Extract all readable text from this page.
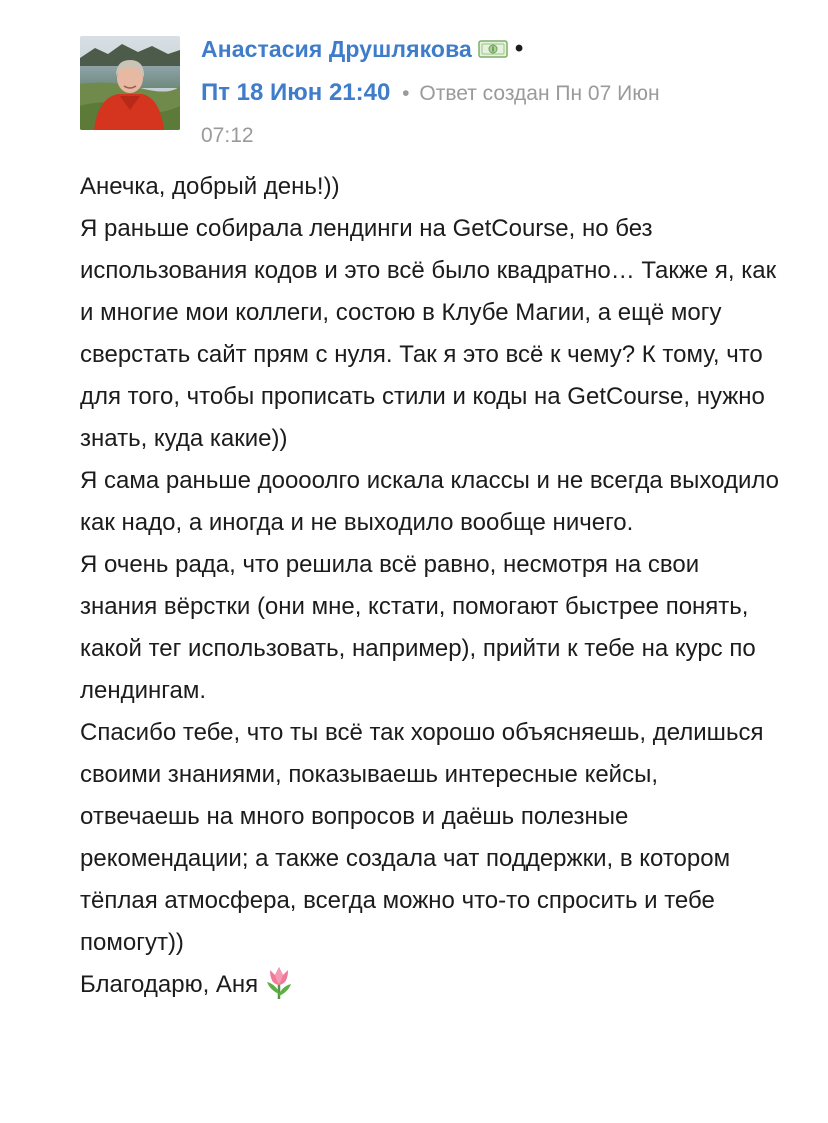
Анастасия Друшлякова •
Пт 18 Июн 21:40 • Ответ создан Пн 07 Июн
07:12

Анечка, добрый день!))

Я раньше собирала лендинги на GetCourse, но без использования кодов и это всё было квадратно… Также я, как и многие мои коллеги, состою в Клубе Магии, а ещё могу сверстать сайт прям с нуля. Так я это всё к чему? К тому, что для того, чтобы прописать стили и коды на GetCourse, нужно знать, куда какие))

Я сама раньше доооолго искала классы и не всегда выходило как надо, а иногда и не выходило вообще ничего.

Я очень рада, что решила всё равно, несмотря на свои знания вёрстки (они мне, кстати, помогают быстрее понять, какой тег использовать, например), прийти к тебе на курс по лендингам.

Спасибо тебе, что ты всё так хорошо объясняешь, делишься своими знаниями, показываешь интересные кейсы, отвечаешь на много вопросов и даёшь полезные рекомендации; а также создала чат поддержки, в котором тёплая атмосфера, всегда можно что-то спросить и тебе помогут))

Благодарю, Аня
